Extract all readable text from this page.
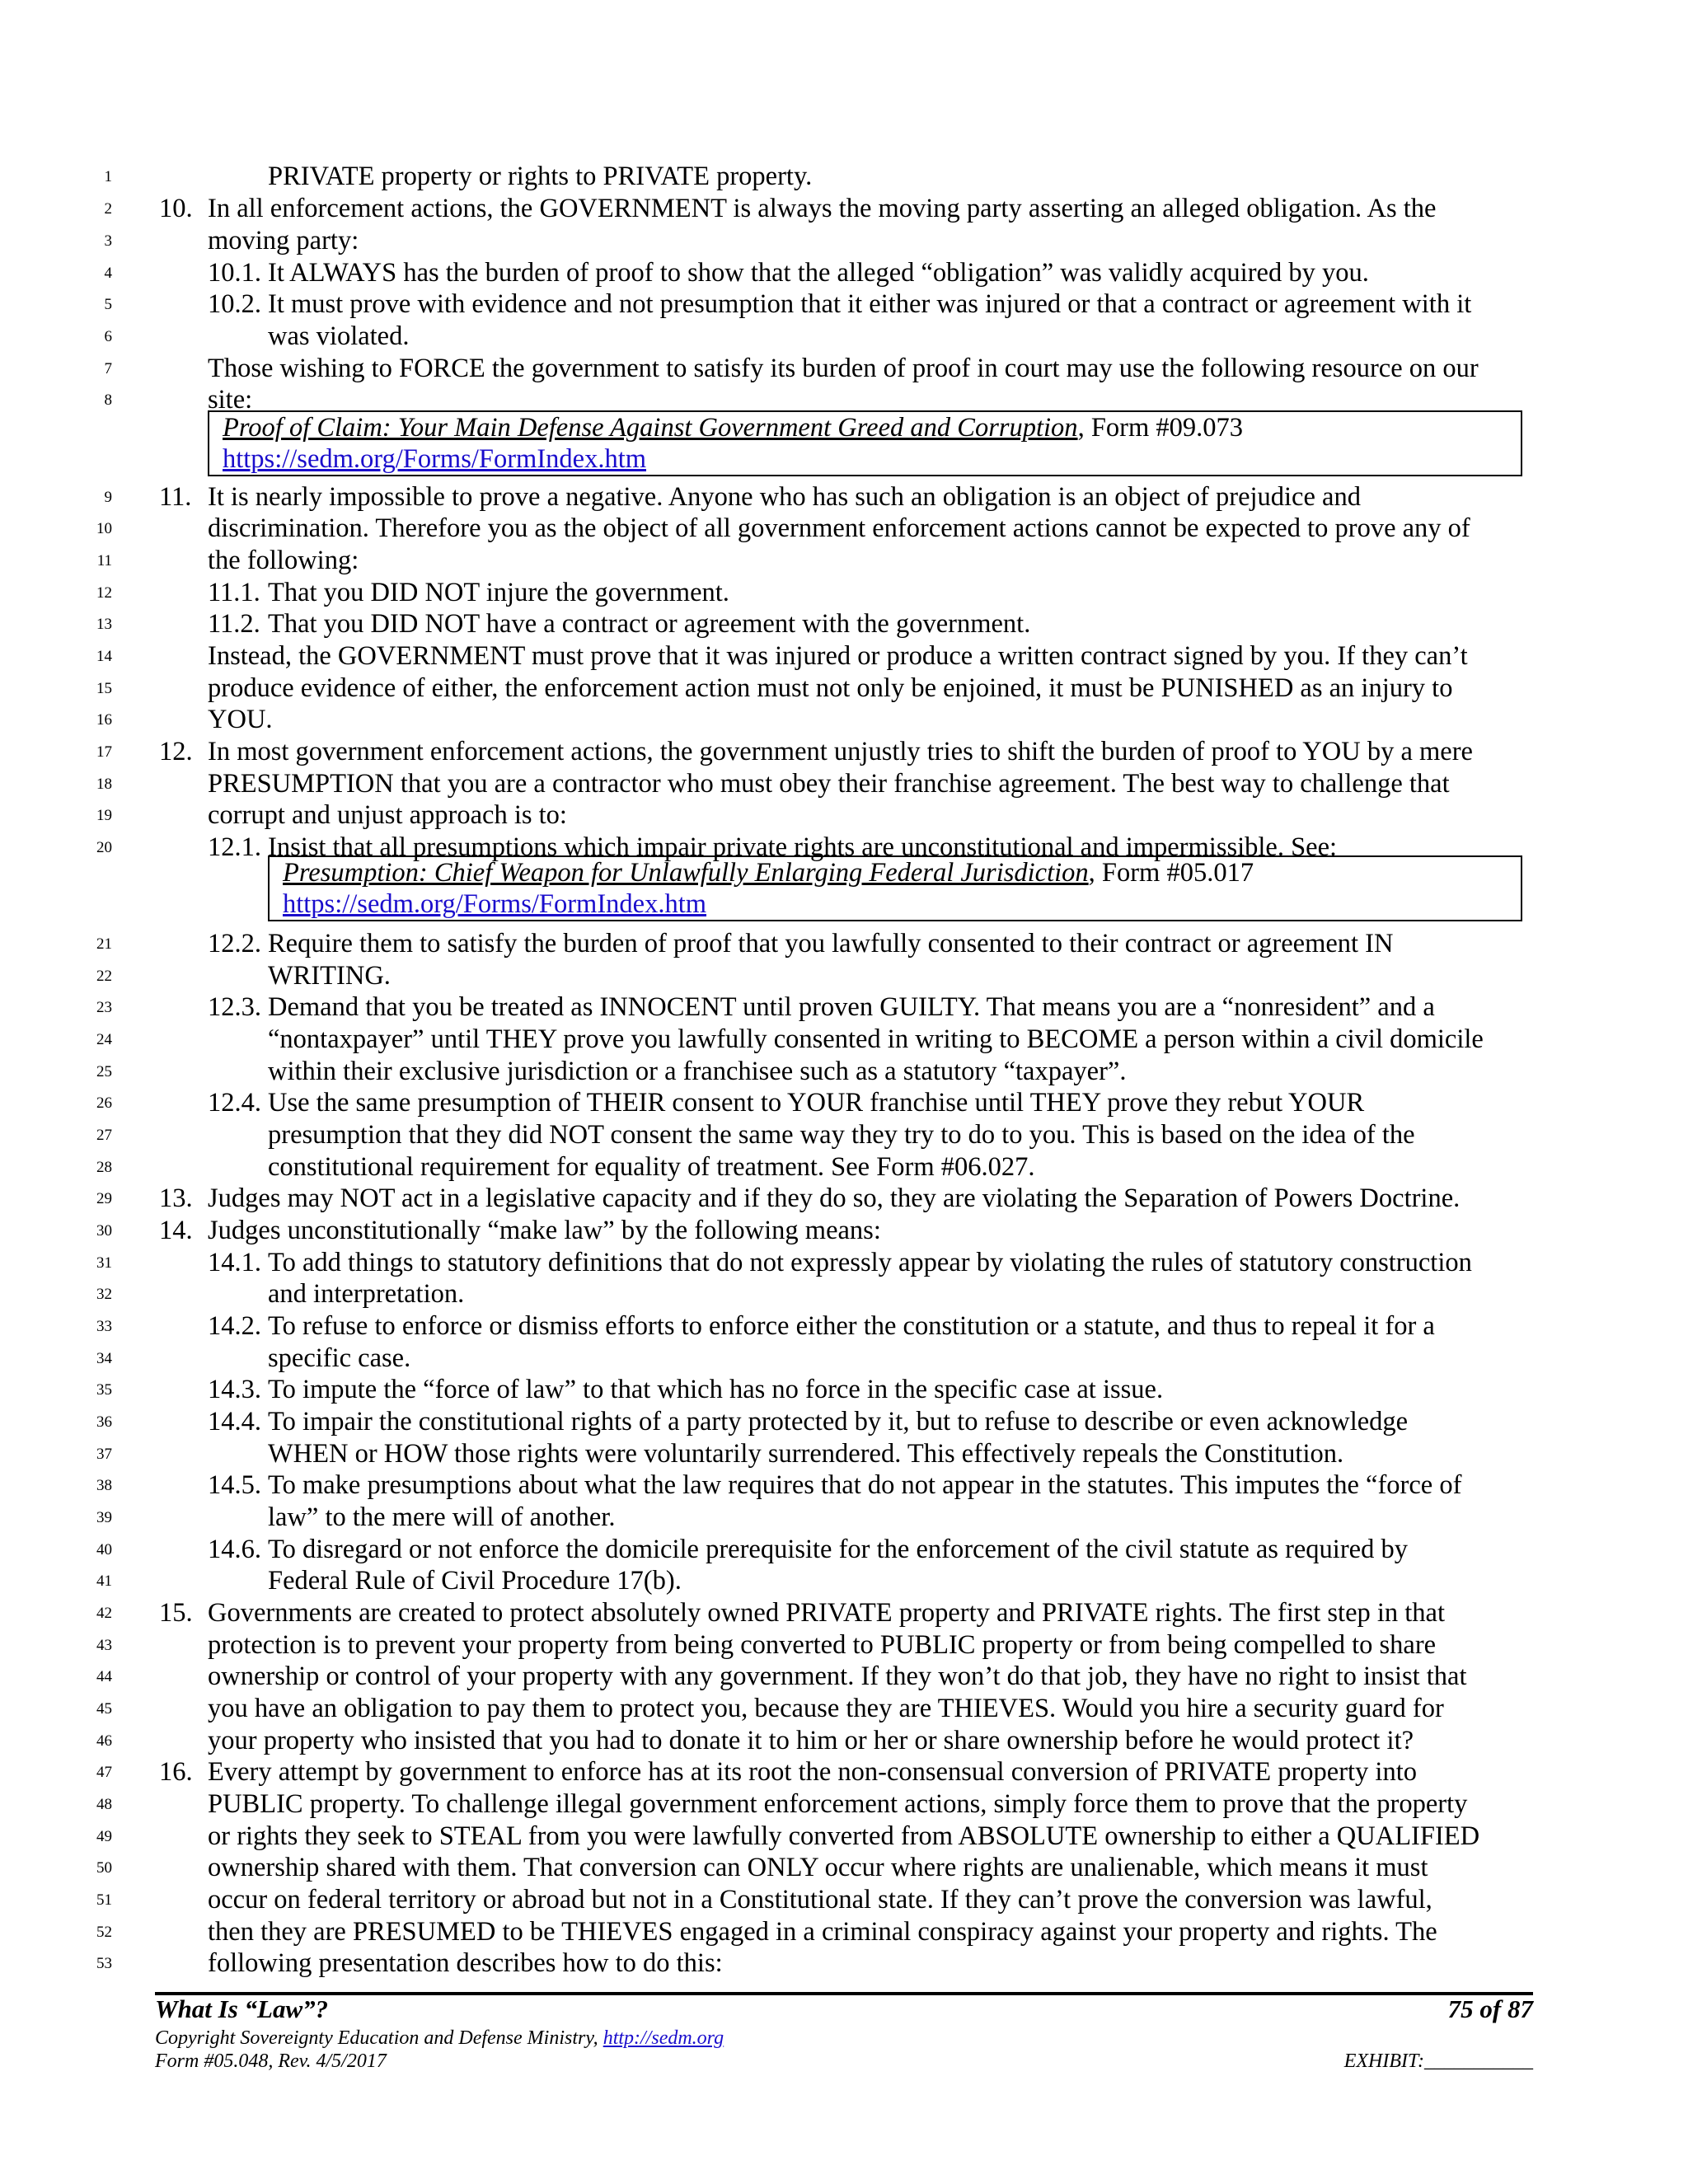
1	PRIVATE property or rights to PRIVATE property.
2 10. In all enforcement actions, the GOVERNMENT is always the moving party asserting an alleged obligation. As the
3	moving party:
4	10.1. It ALWAYS has the burden of proof to show that the alleged “obligation” was validly acquired by you.
5	10.2. It must prove with evidence and not presumption that it either was injured or that a contract or agreement with it
6	was violated.
7	Those wishing to FORCE the government to satisfy its burden of proof in court may use the following resource on our
8	site:
9 11. It is nearly impossible to prove a negative. Anyone who has such an obligation is an object of prejudice and
10	discrimination. Therefore you as the object of all government enforcement actions cannot be expected to prove any of
11	the following:
12	11.1. That you DID NOT injure the government.
13	11.2. That you DID NOT have a contract or agreement with the government.
14	Instead, the GOVERNMENT must prove that it was injured or produce a written contract signed by you. If they can’t
15	produce evidence of either, the enforcement action must not only be enjoined, it must be PUNISHED as an injury to
16	YOU.
17 12. In most government enforcement actions, the government unjustly tries to shift the burden of proof to YOU by a mere
18	PRESUMPTION that you are a contractor who must obey their franchise agreement. The best way to challenge that
19	corrupt and unjust approach is to:
20	12.1. Insist that all presumptions which impair private rights are unconstitutional and impermissible. See:
21	12.2. Require them to satisfy the burden of proof that you lawfully consented to their contract or agreement IN
22	WRITING.
23	12.3. Demand that you be treated as INNOCENT until proven GUILTY. That means you are a “nonresident” and a
24	“nontaxpayer” until THEY prove you lawfully consented in writing to BECOME a person within a civil domicile
25	within their exclusive jurisdiction or a franchisee such as a statutory “taxpayer”.
26	12.4. Use the same presumption of THEIR consent to YOUR franchise until THEY prove they rebut YOUR
27	presumption that they did NOT consent the same way they try to do to you. This is based on the idea of the
28	constitutional requirement for equality of treatment. See Form #06.027.
29 13. Judges may NOT act in a legislative capacity and if they do so, they are violating the Separation of Powers Doctrine.
30 14. Judges unconstitutionally “make law” by the following means:
31	14.1. To add things to statutory definitions that do not expressly appear by violating the rules of statutory construction
32	and interpretation.
33	14.2. To refuse to enforce or dismiss efforts to enforce either the constitution or a statute, and thus to repeal it for a
34	specific case.
35	14.3. To impute the “force of law” to that which has no force in the specific case at issue.
36	14.4. To impair the constitutional rights of a party protected by it, but to refuse to describe or even acknowledge
37	WHEN or HOW those rights were voluntarily surrendered. This effectively repeals the Constitution.
38	14.5. To make presumptions about what the law requires that do not appear in the statutes. This imputes the “force of
39	law” to the mere will of another.
40	14.6. To disregard or not enforce the domicile prerequisite for the enforcement of the civil statute as required by
41	Federal Rule of Civil Procedure 17(b).
42 15. Governments are created to protect absolutely owned PRIVATE property and PRIVATE rights. The first step in that
43	protection is to prevent your property from being converted to PUBLIC property or from being compelled to share
44	ownership or control of your property with any government. If they won’t do that job, they have no right to insist that
45	you have an obligation to pay them to protect you, because they are THIEVES. Would you hire a security guard for
46	your property who insisted that you had to donate it to him or her or share ownership before he would protect it?
47 16. Every attempt by government to enforce has at its root the non-consensual conversion of PRIVATE property into
48	PUBLIC property. To challenge illegal government enforcement actions, simply force them to prove that the property
49	or rights they seek to STEAL from you were lawfully converted from ABSOLUTE ownership to either a QUALIFIED
50	ownership shared with them. That conversion can ONLY occur where rights are unalienable, which means it must
51	occur on federal territory or abroad but not in a Constitutional state. If they can’t prove the conversion was lawful,
52	then they are PRESUMED to be THIEVES engaged in a criminal conspiracy against your property and rights. The
53	following presentation describes how to do this:
Proof of Claim: Your Main Defense Against Government Greed and Corruption, Form #09.073
https://sedm.org/Forms/FormIndex.htm
Presumption: Chief Weapon for Unlawfully Enlarging Federal Jurisdiction, Form #05.017
https://sedm.org/Forms/FormIndex.htm
What Is “Law”?	75 of 87
Copyright Sovereignty Education and Defense Ministry, http://sedm.org
Form #05.048, Rev. 4/5/2017	EXHIBIT:___________
